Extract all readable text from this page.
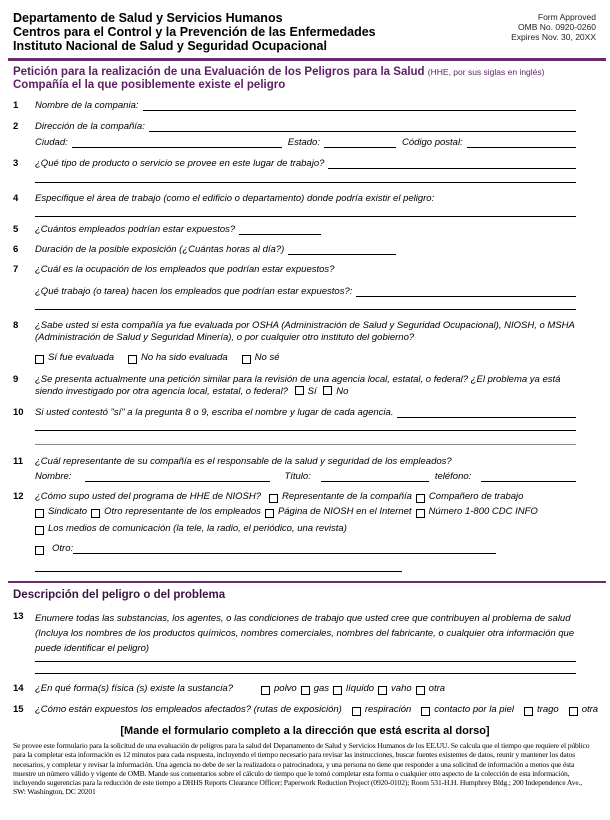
Departamento de Salud y Servicios Humanos
Centros para el Control y la Prevención de las Enfermedades
Instituto Nacional de Salud y Seguridad Ocupacional
Form Approved
OMB No. 0920-0260
Expires Nov. 30, 20XX
Petición para la realización de una Evaluación de los Peligros para la Salud (HHE, por sus siglas en inglés)
Compañía el la que posiblemente existe el peligro
1	Nombre de la compania:
2	Dirección de la compañía:
Ciudad:	Estado:	Código postal:
3	¿Qué tipo de producto o servicio se provee en este lugar de trabajo?
4	Especifique el área de trabajo (como el edificio o departamento) donde podría existir el peligro:
5	¿Cuántos empleados podrían estar expuestos?
6	Duración de la posible exposición (¿Cuántas horas al día?)
7	¿Cuál es la ocupación de los empleados que podrían estar expuestos?
¿Qué trabajo (o tarea) hacen los empleados que podrían estar expuestos?:
8	¿Sabe usted si esta compañía ya fue evaluada por OSHA (Administración de Salud y Seguridad Ocupacional), NIOSH, o MSHA (Administración de Salud y Seguridad Minería), o por cualquier otro instituto del gobierno?
Sí fue evaluada	No ha sido evaluada	No sé
9	¿Se presenta actualmente una petición similar para la revisión de una agencia local, estatal, o federal? ¿El problema ya está siendo investigado por otra agencia local, estatal, o federal? Sí No
10	Si usted contestó "sí" a la pregunta 8 o 9, escriba el nombre y lugar de cada agencia.
11	¿Cuál representante de su compañía es el responsable de la salud y seguridad de los empleados?
Nombre:	Título:	teléfono:
12	¿Cómo supo usted del programa de HHE de NIOSH? Representante de la compañía Compañero de trabajo
Sindicato Otro representante de los empleados Página de NIOSH en el Internet Número 1-800 CDC INFO
Los medios de comunicación (la tele, la radio, el periódico, una revista)
Otro:
Descripción del peligro o del problema
13	Enumere todas las substancias, los agentes, o las condiciones de trabajo que usted cree que contribuyen al problema de salud (Incluya los nombres de los productos químicos, nombres comerciales, nombres del fabricante, o cualquier otra información que puede identificar el peligro)
14	¿En qué forma(s) física (s) existe la sustancia?	polvo gas líquido vaho otra
15	¿Cómo están expuestos los empleados afectados? (rutas de exposición) respiración contacto por la piel trago otra
[Mande el formulario completo a la dirección que está escrita al dorso]
Se provee este formulario para la solicitud de una evaluación de peligros para la salud del Departamento de Salud y Servicios Humanos de los EE.UU. Se calcula que el tiempo que requiere el público para la completar esta información es 12 minutos para cada respuesta, incluyendo el tiempo necesario para revisar las instrucciones, buscar fuentes existentes de datos, reunir y mantener los datos necesarios, y completar y revisar la información. Una agencia no debe de ser la realizadora o patrocinadora, y una persona no tiene que responder a una solicitud de información a menos que ésta muestre un número válido y vigente de OMB. Mande sus comentarios sobre el cálculo de tiempo que le tomó completar esta forma o cualquier otro aspecto de la colección de esta información, incluyendo sugerencias para la reducción de este tiempo a DHHS Reports Clearance Officer; Paperwork Reduction Project (0920-0102); Room 531-H.H. Humphrey Bldg.; 200 Independence Ave., SW: Washington, DC 20201
